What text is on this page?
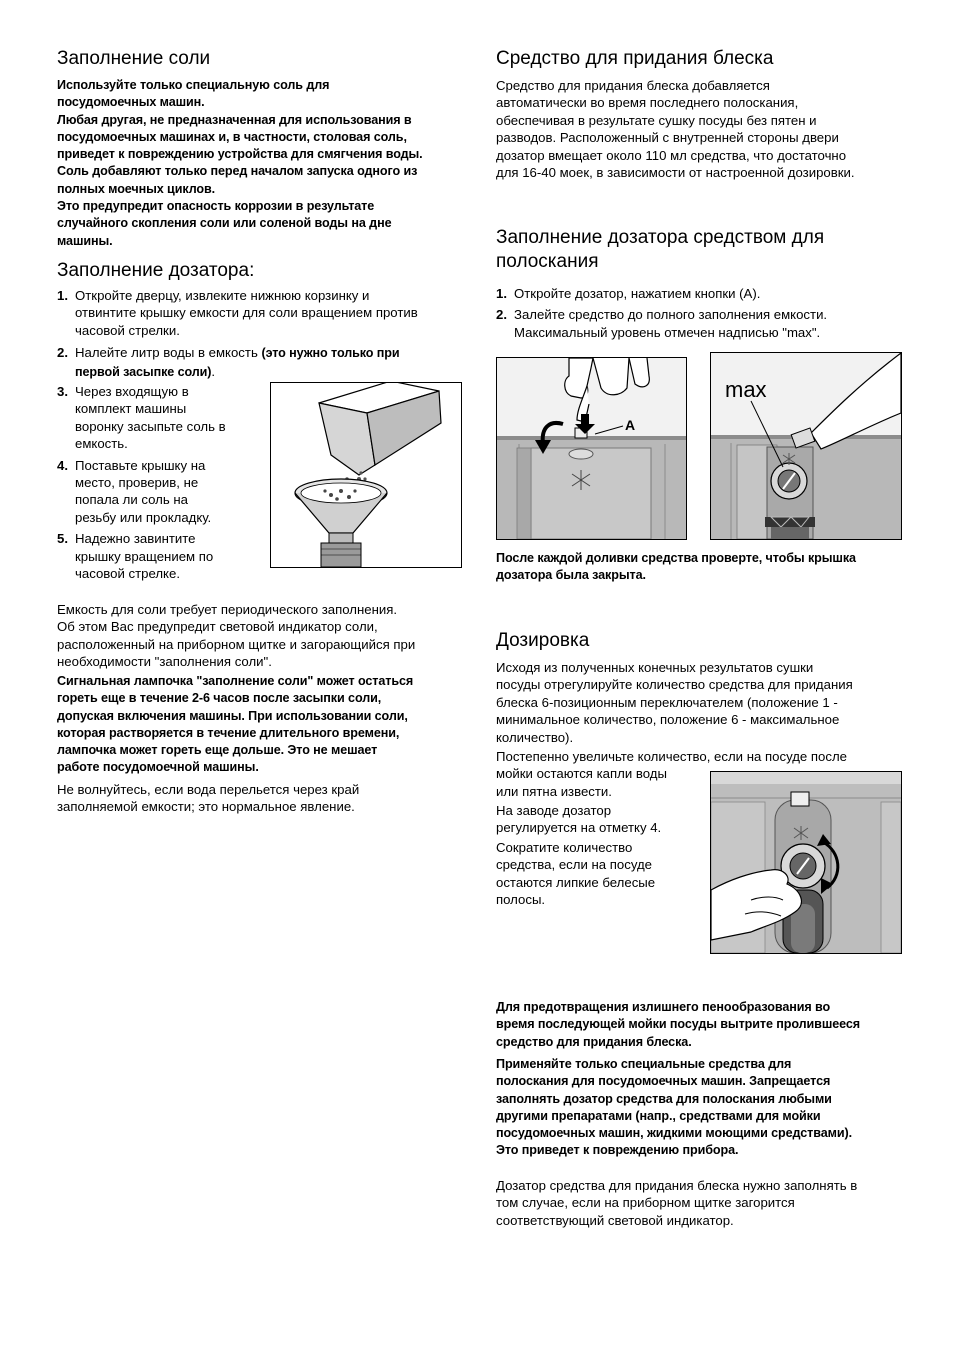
Заполнение соли

Используйте только специальную соль для

посудомоечных машин.

Любая другая, не предназначенная для использования в

посудомоечных машинах и, в частности, столовая соль,

приведет к повреждению устройства для смягчения воды.

Соль добавляют только перед началом запуска одного из

полных моечных циклов.

Это предупредит опасность коррозии в результате

случайного скопления соли или соленой воды на дне

машины.

Заполнение дозатора:
1. Откройте дверцу, извлеките нижнюю корзинку и

отвинтите крышку емкости для соли вращением против

часовой стрелки.

2. Налейте литр воды в емкость (это нужно только при

первой засыпке соли).

3. Через входящую в

комплект машины

воронку засыпьте соль в

емкость.

4. Поставьте крышку на

место, проверив, не

попала ли соль на

резьбу или прокладку.

5. Надежно завинтите

крышку вращением по

часовой стрелке.

Емкость для соли требует периодического заполнения.

Об этом Вас предупредит световой индикатор соли,

расположенный на приборном щитке и загорающийся при

необходимости "заполнения соли".

Сигнальная лампочка "заполнение соли" может остаться

гореть еще в течение 2-6 часов после засыпки соли,

допуская включения машины. При использовании соли,

которая растворяется в течение длительного времени,

лампочка может гореть еще дольше. Это не мешает

работе посудомоечной машины.

Не волнуйтесь, если вода перельется через край

заполняемой емкости; это нормальное явление.

Средство для придания блеска

Средство для придания блеска добавляется

автоматически во время последнего полоскания,

обеспечивая в результате сушку посуды без пятен и

разводов. Расположенный с внутренней стороны двери

дозатор вмещает около 110 мл средства, что достаточно

для 16-40 моек, в зависимости от настроенной дозировки.

Заполнение дозатора средством для
полоскания
1. Откройте дозатор, нажатием кнопки (А).

2. Залейте средство до полного заполнения емкости.

Максимальный уровень отмечен надписью "max".

A
max

После каждой доливки средства проверте, чтобы крышка

дозатора была закрыта.

Дозировка

Исходя из полученных конечных результатов сушки

посуды отрегулируйте количество средства для придания

блеска 6-позиционным переключателем (положение 1 -

минимальное количество, положение 6 - максимальное

количество).

Постепенно увеличьте количество, если на посуде после

мойки остаются капли воды

или пятна извести.

На заводе дозатор

регулируется на отметку 4.

Сократите количество

средства, если на посуде

остаются липкие белесые

полосы.

Для предотвращения излишнего пенообразования во

время последующей мойки посуды вытрите пролившееся

средство для придания блеска.

Применяйте только специальные средства для

полоскания для посудомоечных машин. Запрещается

заполнять дозатор средства для полоскания любыми

другими препаратами (напр., средствами для мойки

посудомоечных машин, жидкими моющими средствами).

Это приведет к повреждению прибора.

Дозатор средства для придания блеска нужно заполнять в

том случае, если на приборном щитке загорится

соответствующий световой индикатор.
